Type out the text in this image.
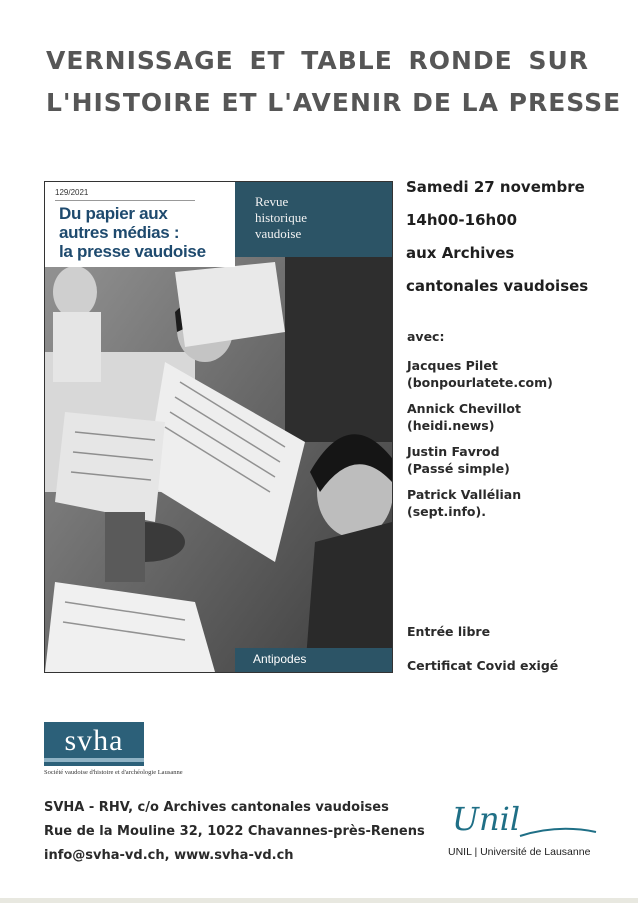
VERNISSAGE ET TABLE RONDE SUR
L'HISTOIRE ET L'AVENIR DE LA PRESSE
129/2021
Du papier aux
autres médias :
la presse vaudoise
Revue
historique
vaudoise
Antipodes
Samedi 27 novembre
14h00-16h00
aux Archives
cantonales vaudoises
avec:
Jacques Pilet
(bonpourlatete.com)
Annick Chevillot
(heidi.news)
Justin Favrod
(Passé simple)
Patrick Vallélian
(sept.info).
Entrée libre
Certificat Covid exigé
svha
Société vaudoise d'histoire et d'archéologie Lausanne
SVHA - RHV, c/o Archives cantonales vaudoises
Rue de la Mouline 32, 1022 Chavannes-près-Renens
info@svha-vd.ch, www.svha-vd.ch
Unil
UNIL | Université de Lausanne
